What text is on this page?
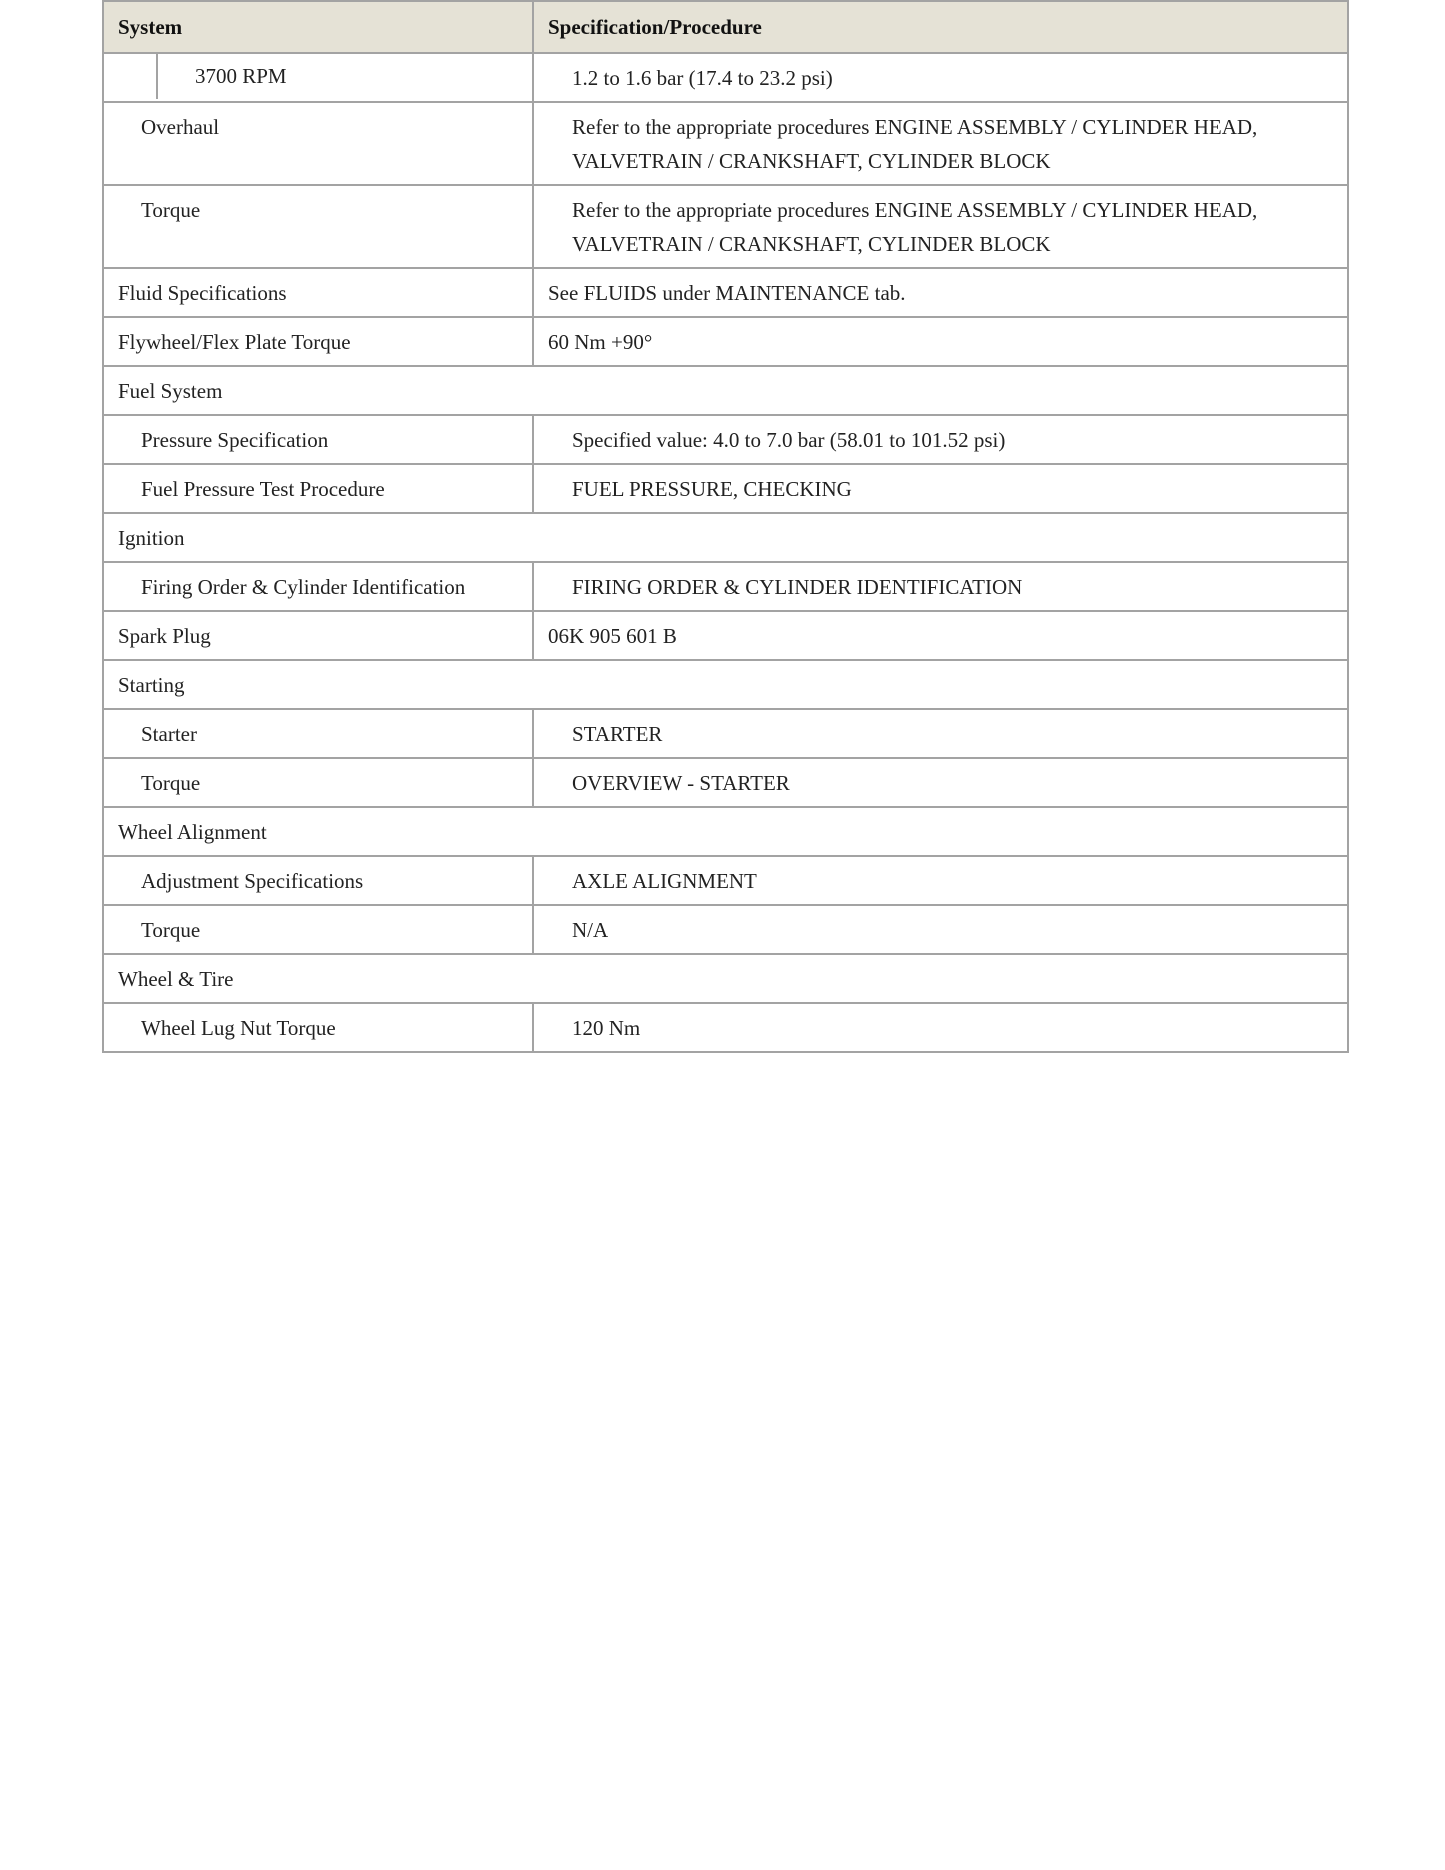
System	Specification/Procedure

3700 RPM	1.2 to 1.6 bar (17.4 to 23.2 psi)
Overhaul	Refer to the appropriate procedures ENGINE ASSEMBLY / CYLINDER HEAD, VALVETRAIN / CRANKSHAFT, CYLINDER BLOCK
Torque	Refer to the appropriate procedures ENGINE ASSEMBLY / CYLINDER HEAD, VALVETRAIN / CRANKSHAFT, CYLINDER BLOCK
Fluid Specifications	See FLUIDS under MAINTENANCE tab.
Flywheel/Flex Plate Torque	60 Nm +90°
Fuel System	
Pressure Specification	Specified value: 4.0 to 7.0 bar (58.01 to 101.52 psi)
Fuel Pressure Test Procedure	FUEL PRESSURE, CHECKING
Ignition	
Firing Order & Cylinder Identification	FIRING ORDER & CYLINDER IDENTIFICATION
Spark Plug	06K 905 601 B
Starting	
Starter	STARTER
Torque	OVERVIEW - STARTER
Wheel Alignment	
Adjustment Specifications	AXLE ALIGNMENT
Torque	N/A
Wheel & Tire	
Wheel Lug Nut Torque	120 Nm
